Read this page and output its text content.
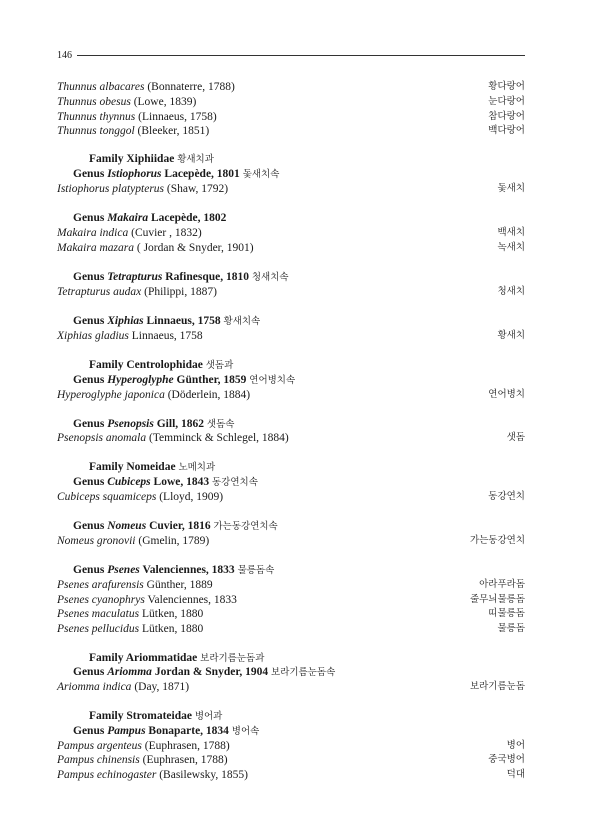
146
Thunnus albacares (Bonnaterre, 1788)	황다랑어
Thunnus obesus (Lowe, 1839)	눈다랑어
Thunnus thynnus (Linnaeus, 1758)	참다랑어
Thunnus tonggol (Bleeker, 1851)	백다랑어
Family Xiphiidae 황새치과
Genus Istiophorus Lacepède, 1801 돛새치속
Istiophorus platypterus (Shaw, 1792)	돛새치
Genus Makaira Lacepède, 1802
Makaira indica (Cuvier , 1832)	백새치
Makaira mazara ( Jordan & Snyder, 1901)	녹새치
Genus Tetrapturus Rafinesque, 1810 청새치속
Tetrapturus audax (Philippi, 1887)	청새치
Genus Xiphias Linnaeus, 1758 황새치속
Xiphias gladius Linnaeus, 1758	황새치
Family Centrolophidae 샛돔과
Genus Hyperoglyphe Günther, 1859 연어병치속
Hyperoglyphe japonica (Döderlein, 1884)	연어병치
Genus Psenopsis Gill, 1862 샛돔속
Psenopsis anomala (Temminck & Schlegel, 1884)	샛돔
Family Nomeidae 노메치과
Genus Cubiceps Lowe, 1843 동강연치속
Cubiceps squamiceps (Lloyd, 1909)	동강연치
Genus Nomeus Cuvier, 1816 가는동강연치속
Nomeus gronovii (Gmelin, 1789)	가는동강연치
Genus Psenes Valenciennes, 1833 물릉돔속
Psenes arafurensis Günther, 1889	아라푸라돔
Psenes cyanophrys Valenciennes, 1833	줄무늬물릉돔
Psenes maculatus Lütken, 1880	띠물릉돔
Psenes pellucidus Lütken, 1880	물릉돔
Family Ariommatidae 보라기름눈돔과
Genus Ariomma Jordan & Snyder, 1904 보라기름눈돔속
Ariomma indica (Day, 1871)	보라기름눈돔
Family Stromateidae 병어과
Genus Pampus Bonaparte, 1834 병어속
Pampus argenteus (Euphrasen, 1788)	병어
Pampus chinensis (Euphrasen, 1788)	중국병어
Pampus echinogaster (Basilewsky, 1855)	덕대
